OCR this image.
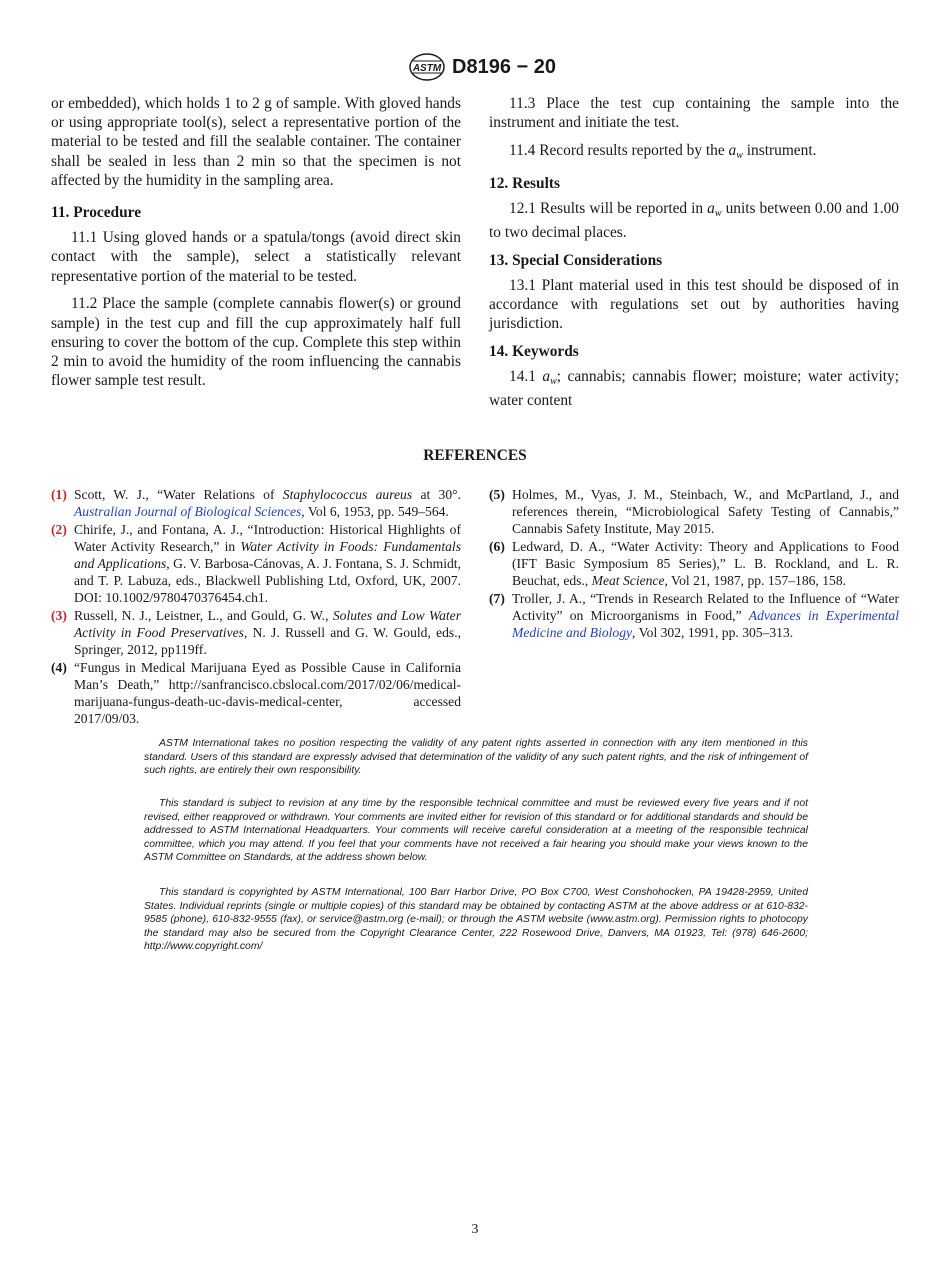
ASTM D8196 − 20

or embedded), which holds 1 to 2 g of sample. With gloved hands or using appropriate tool(s), select a representative portion of the material to be tested and fill the sealable container. The container shall be sealed in less than 2 min so that the specimen is not affected by the humidity in the sampling area.

11. Procedure

11.1 Using gloved hands or a spatula/tongs (avoid direct skin contact with the sample), select a statistically relevant representative portion of the material to be tested.

11.2 Place the sample (complete cannabis flower(s) or ground sample) in the test cup and fill the cup approximately half full ensuring to cover the bottom of the cup. Complete this step within 2 min to avoid the humidity of the room influencing the cannabis flower sample test result.

11.3 Place the test cup containing the sample into the instrument and initiate the test.

11.4 Record results reported by the $a_w$ instrument.

12. Results

12.1 Results will be reported in $a_w$ units between 0.00 and 1.00 to two decimal places.

13. Special Considerations

13.1 Plant material used in this test should be disposed of in accordance with regulations set out by authorities having jurisdiction.

14. Keywords

14.1 $a_w$; cannabis; cannabis flower; moisture; water activity; water content

REFERENCES
(1) Scott, W. J., “Water Relations of Staphylococcus aureus at 30°. Australian Journal of Biological Sciences, Vol 6, 1953, pp. 549–564.
(2) Chirife, J., and Fontana, A. J., “Introduction: Historical Highlights of Water Activity Research,” in Water Activity in Foods: Fundamentals and Applications, G. V. Barbosa-Cánovas, A. J. Fontana, S. J. Schmidt, and T. P. Labuza, eds., Blackwell Publishing Ltd, Oxford, UK, 2007. DOI: 10.1002/9780470376454.ch1.
(3) Russell, N. J., Leistner, L., and Gould, G. W., Solutes and Low Water Activity in Food Preservatives, N. J. Russell and G. W. Gould, eds., Springer, 2012, pp119ff.
(4) “Fungus in Medical Marijuana Eyed as Possible Cause in California Man’s Death,” http://sanfrancisco.cbslocal.com/2017/02/06/medical-marijuana-fungus-death-uc-davis-medical-center, accessed 2017/09/03.
(5) Holmes, M., Vyas, J. M., Steinbach, W., and McPartland, J., and references therein, “Microbiological Safety Testing of Cannabis,” Cannabis Safety Institute, May 2015.
(6) Ledward, D. A., “Water Activity: Theory and Applications to Food (IFT Basic Symposium 85 Series),” L. B. Rockland, and L. R. Beuchat, eds., Meat Science, Vol 21, 1987, pp. 157–186, 158.
(7) Troller, J. A., “Trends in Research Related to the Influence of “Water Activity” on Microorganisms in Food,” Advances in Experimental Medicine and Biology, Vol 302, 1991, pp. 305–313.

ASTM International takes no position respecting the validity of any patent rights asserted in connection with any item mentioned in this standard. Users of this standard are expressly advised that determination of the validity of any such patent rights, and the risk of infringement of such rights, are entirely their own responsibility.

This standard is subject to revision at any time by the responsible technical committee and must be reviewed every five years and if not revised, either reapproved or withdrawn. Your comments are invited either for revision of this standard or for additional standards and should be addressed to ASTM International Headquarters. Your comments will receive careful consideration at a meeting of the responsible technical committee, which you may attend. If you feel that your comments have not received a fair hearing you should make your views known to the ASTM Committee on Standards, at the address shown below.

This standard is copyrighted by ASTM International, 100 Barr Harbor Drive, PO Box C700, West Conshohocken, PA 19428-2959, United States. Individual reprints (single or multiple copies) of this standard may be obtained by contacting ASTM at the above address or at 610-832-9585 (phone), 610-832-9555 (fax), or service@astm.org (e-mail); or through the ASTM website (www.astm.org). Permission rights to photocopy the standard may also be secured from the Copyright Clearance Center, 222 Rosewood Drive, Danvers, MA 01923, Tel: (978) 646-2600; http://www.copyright.com/

3
